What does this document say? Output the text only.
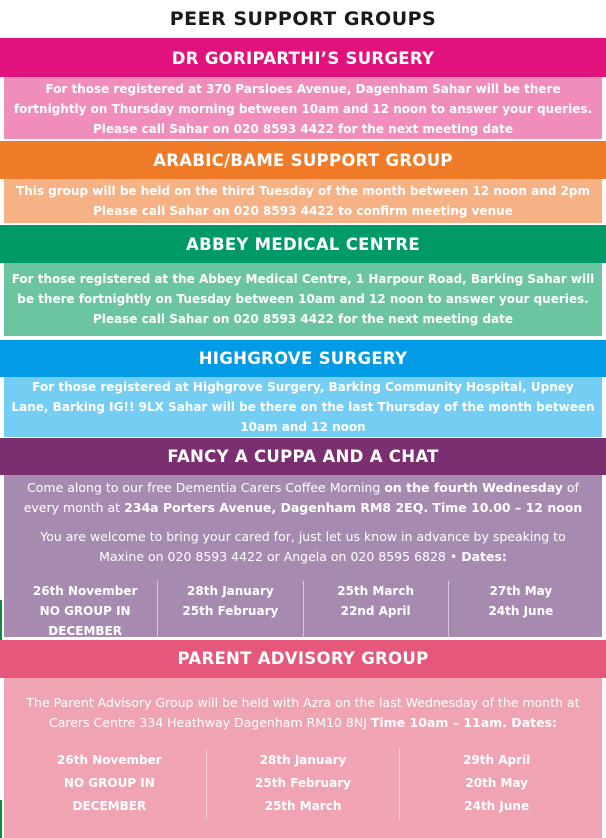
PEER SUPPORT GROUPS
DR GORIPARTHI’S SURGERY
For those registered at 370 Parsloes Avenue, Dagenham Sahar will be there
fortnightly on Thursday morning between 10am and 12 noon to answer your queries.
Please call Sahar on 020 8593 4422 for the next meeting date
ARABIC/BAME SUPPORT GROUP
This group will be held on the third Tuesday of the month between 12 noon and 2pm
Please call Sahar on 020 8593 4422 to confirm meeting venue
ABBEY MEDICAL CENTRE
For those registered at the Abbey Medical Centre, 1 Harpour Road, Barking Sahar will
be there fortnightly on Tuesday between 10am and 12 noon to answer your queries.
Please call Sahar on 020 8593 4422 for the next meeting date
HIGHGROVE SURGERY
For those registered at Highgrove Surgery, Barking Community Hospital, Upney
Lane, Barking IG!! 9LX Sahar will be there on the last Thursday of the month between
10am and 12 noon
FANCY A CUPPA AND A CHAT
Come along to our free Dementia Carers Coffee Morning on the fourth Wednesday of
every month at 234a Porters Avenue, Dagenham RM8 2EQ. Time 10.00 – 12 noon
You are welcome to bring your cared for, just let us know in advance by speaking to
Maxine on 020 8593 4422 or Angela on 020 8595 6828 • Dates:
26th November
NO GROUP IN
DECEMBER
28th January
25th February
25th March
22nd April
27th May
24th June
PARENT ADVISORY GROUP
The Parent Advisory Group will be held with Azra on the last Wednesday of the month at
Carers Centre 334 Heathway Dagenham RM10 8NJ Time 10am – 11am. Dates:
26th November
NO GROUP IN
DECEMBER
28th January
25th February
25th March
29th April
20th May
24th June
